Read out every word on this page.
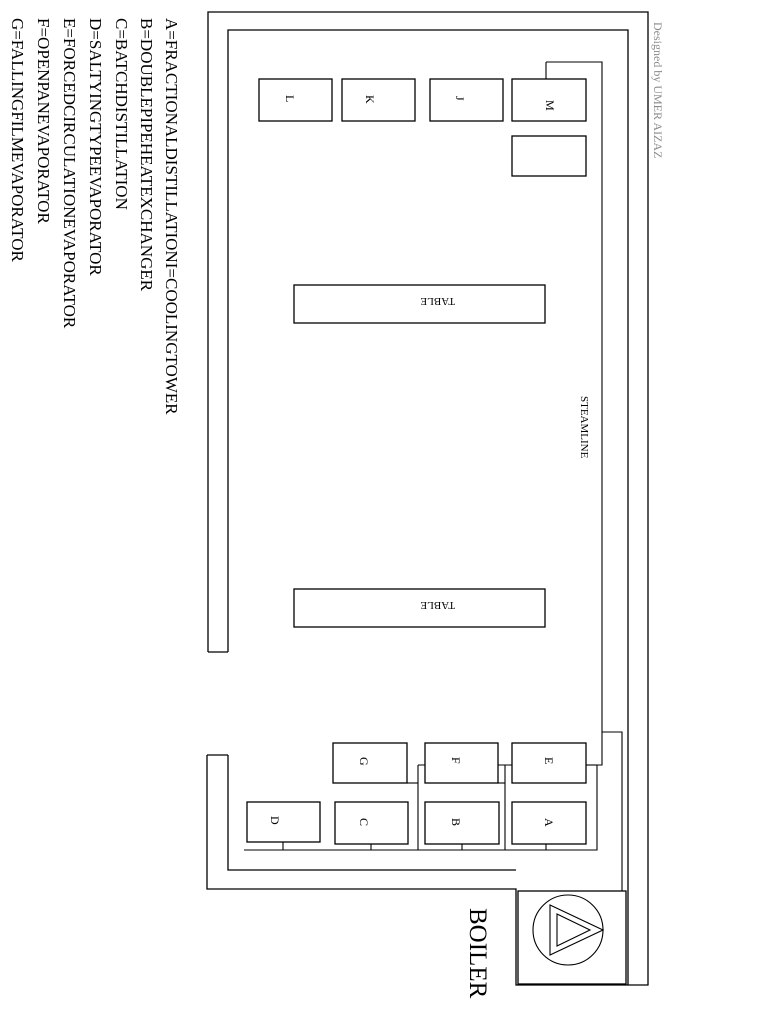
STEAMLINE
M
J
K
L
TABLE
TABLE
E
F
G
A
B
C
D
BOILER
Designed by UMER AIZAZ
A=FRACTIONALDISTILLATIONI=COOLINGTOWER
B=DOUBLEPIPEHEATEXCHANGER
C=BATCHDISTILLATION
D=SALTYINGTYPEEVAPORATOR
E=FORCEDCIRCULATIONEVAPORATOR
F=OPENPANEVAPORATOR
G=FALLINGFILMEVAPORATOR
